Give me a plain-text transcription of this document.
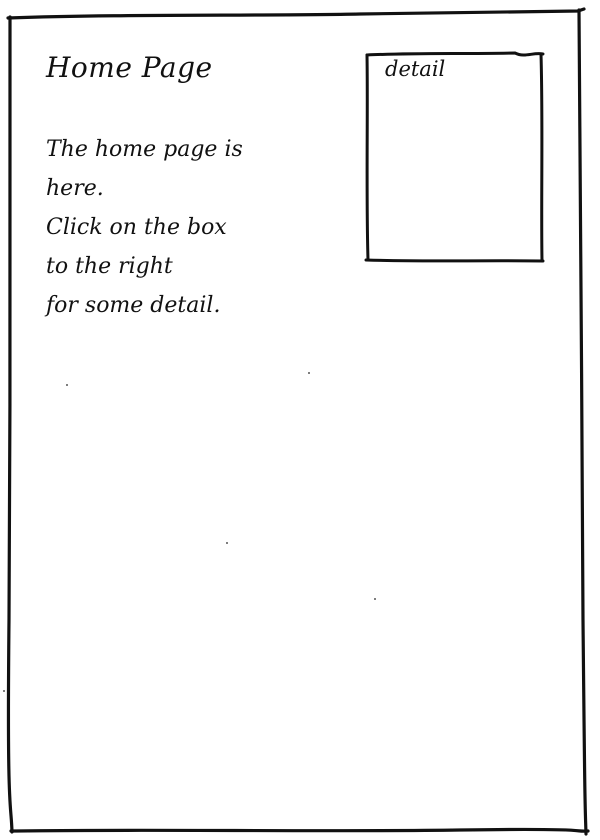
Home Page
The home page is
here.
Click on the box
to the right
for some detail.
detail
